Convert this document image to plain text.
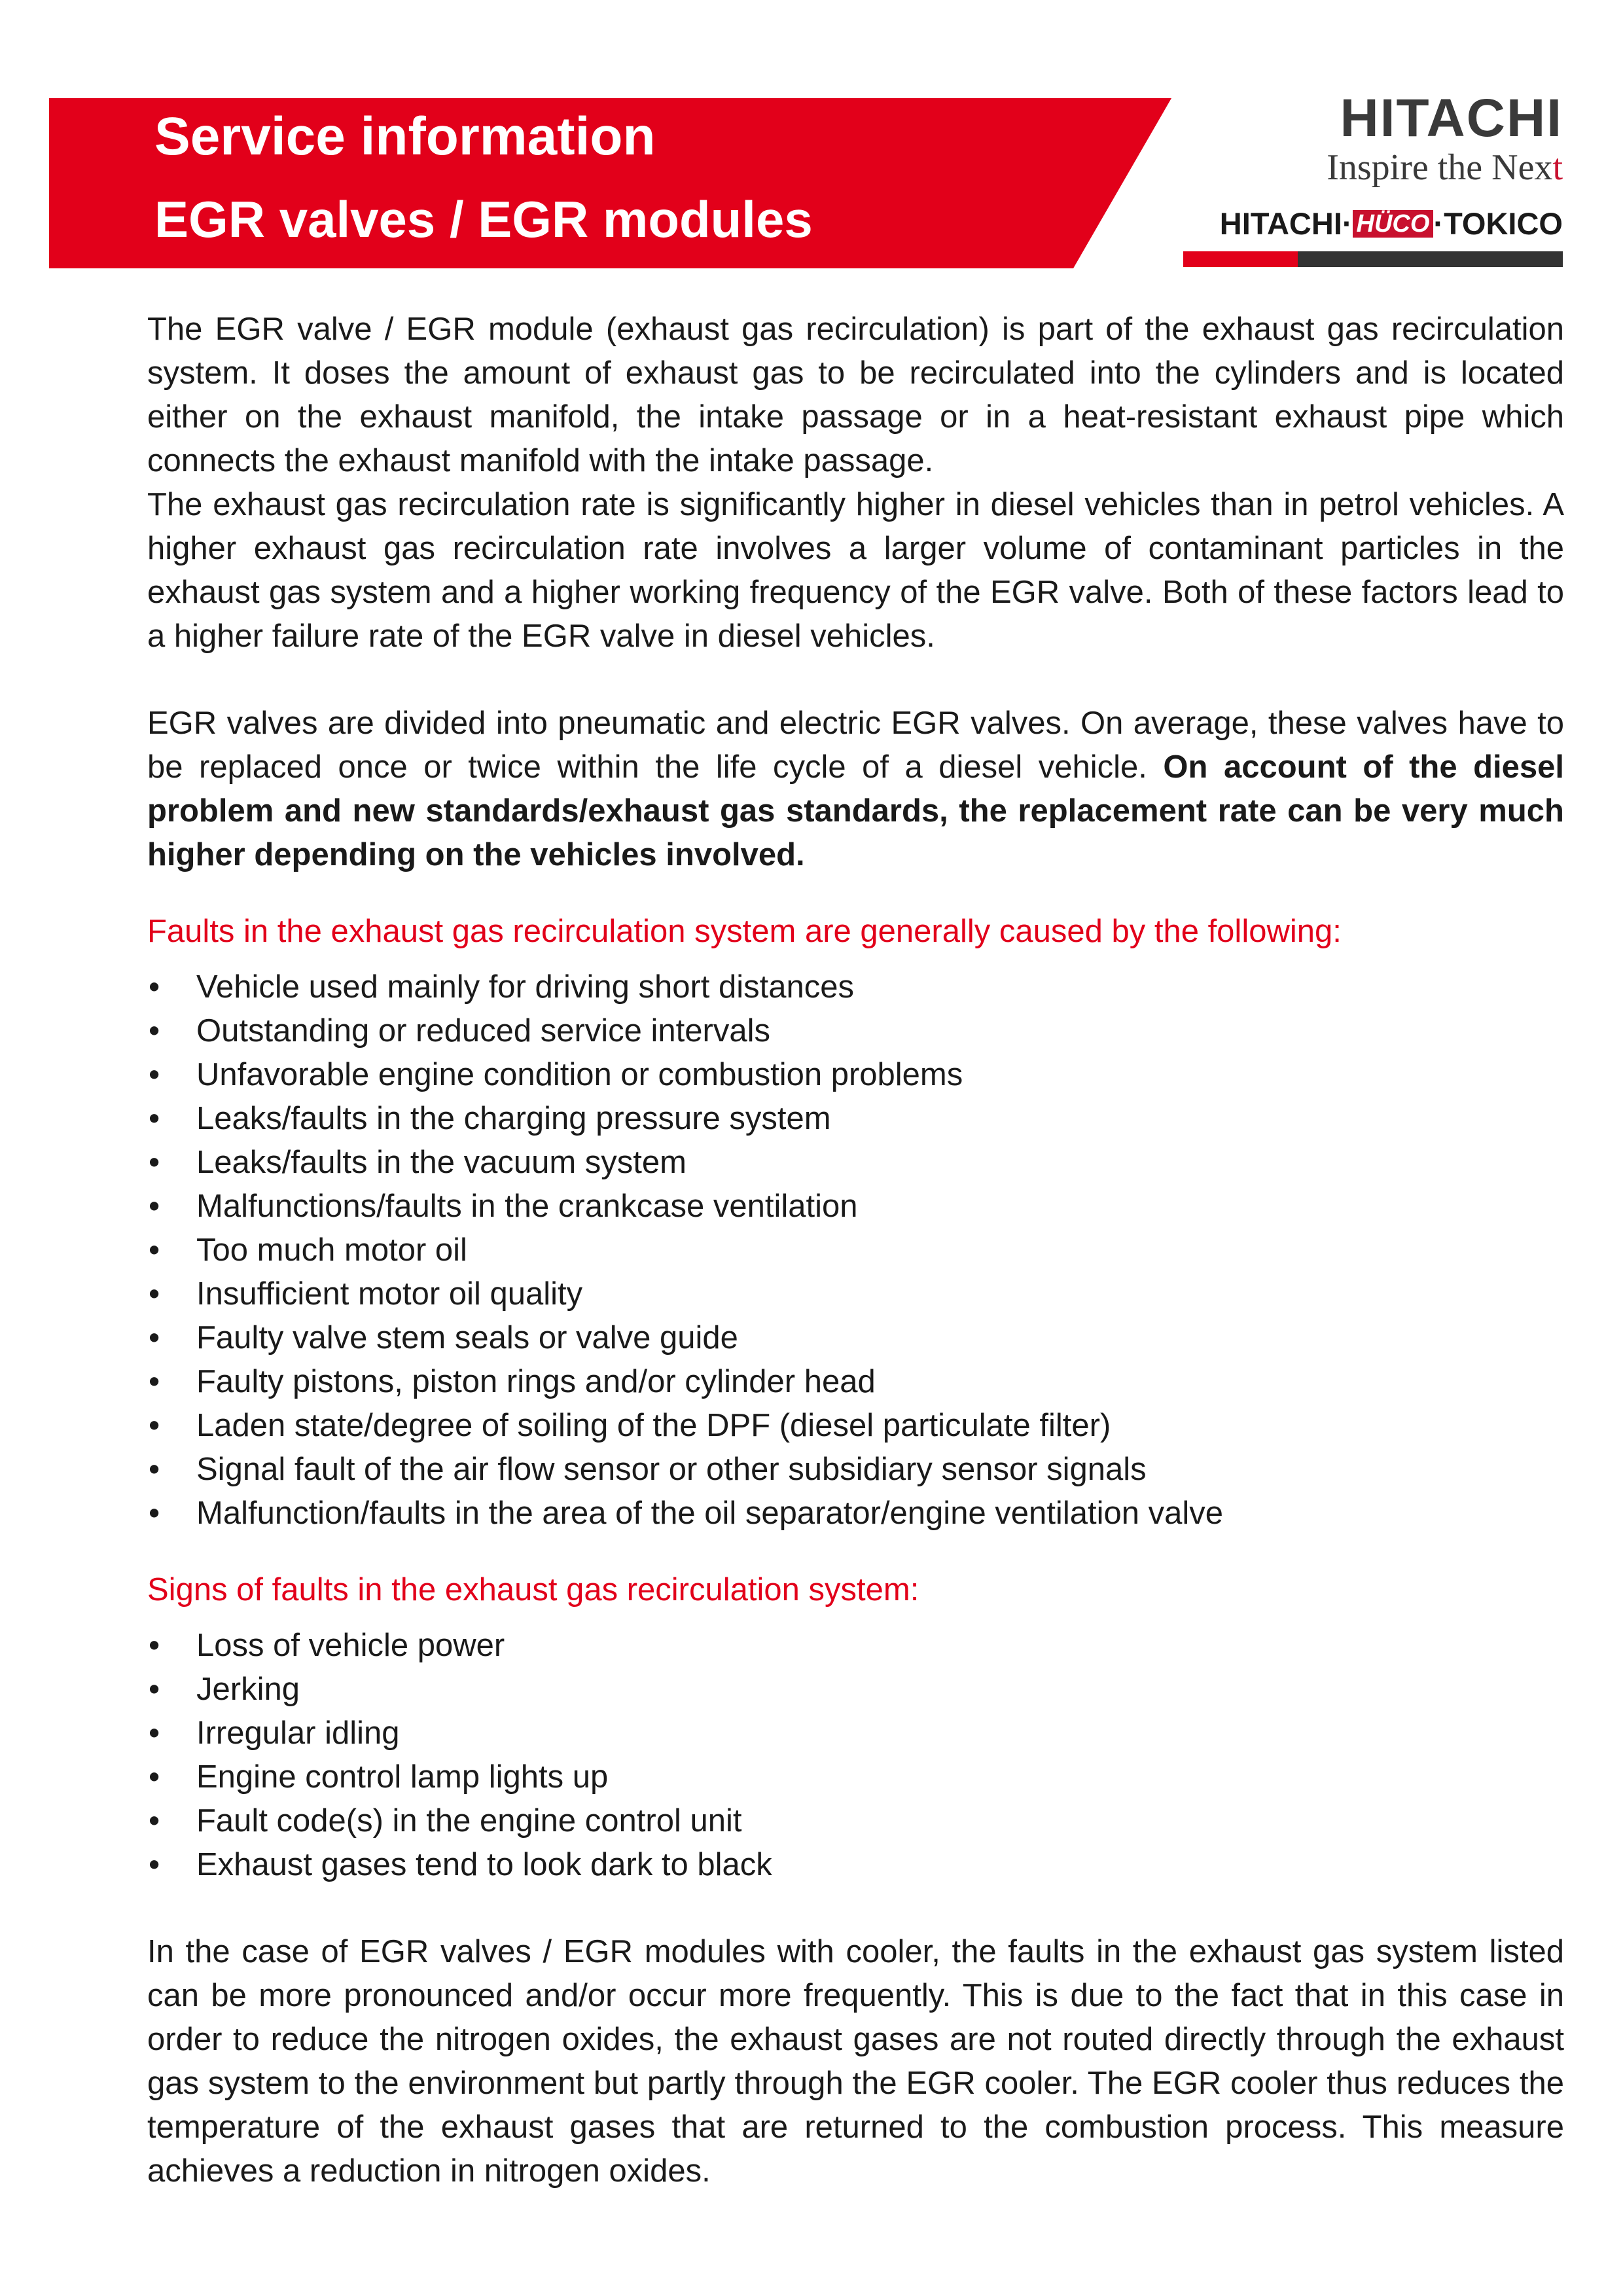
Service information
EGR valves / EGR modules
HITACHI
Inspire the Next
HITACHI· HÜCO ·TOKICO

The EGR valve / EGR module (exhaust gas recirculation) is part of the exhaust gas recirculation system. It doses the amount of exhaust gas to be recirculated into the cylinders and is located either on the exhaust manifold, the intake passage or in a heat-resistant exhaust pipe which connects the exhaust manifold with the intake passage.

The exhaust gas recirculation rate is significantly higher in diesel vehicles than in petrol vehicles. A higher exhaust gas recirculation rate involves a larger volume of contaminant particles in the exhaust gas system and a higher working frequency of the EGR valve. Both of these factors lead to a higher failure rate of the EGR valve in diesel vehicles.

EGR valves are divided into pneumatic and electric EGR valves. On average, these valves have to be replaced once or twice within the life cycle of a diesel vehicle. On account of the diesel problem and new standards/exhaust gas standards, the replacement rate can be very much higher depending on the vehicles involved.

Faults in the exhaust gas recirculation system are generally caused by the following:

• Vehicle used mainly for driving short distances
• Outstanding or reduced service intervals
• Unfavorable engine condition or combustion problems
• Leaks/faults in the charging pressure system
• Leaks/faults in the vacuum system
• Malfunctions/faults in the crankcase ventilation
• Too much motor oil
• Insufficient motor oil quality
• Faulty valve stem seals or valve guide
• Faulty pistons, piston rings and/or cylinder head
• Laden state/degree of soiling of the DPF (diesel particulate filter)
• Signal fault of the air flow sensor or other subsidiary sensor signals
• Malfunction/faults in the area of the oil separator/engine ventilation valve

Signs of faults in the exhaust gas recirculation system:

• Loss of vehicle power
• Jerking
• Irregular idling
• Engine control lamp lights up
• Fault code(s) in the engine control unit
• Exhaust gases tend to look dark to black

In the case of EGR valves / EGR modules with cooler, the faults in the exhaust gas system listed can be more pronounced and/or occur more frequently. This is due to the fact that in this case in order to reduce the nitrogen oxides, the exhaust gases are not routed directly through the exhaust gas system to the environment but partly through the EGR cooler. The EGR cooler thus reduces the temperature of the exhaust gases that are returned to the combustion process. This measure achieves a reduction in nitrogen oxides.
